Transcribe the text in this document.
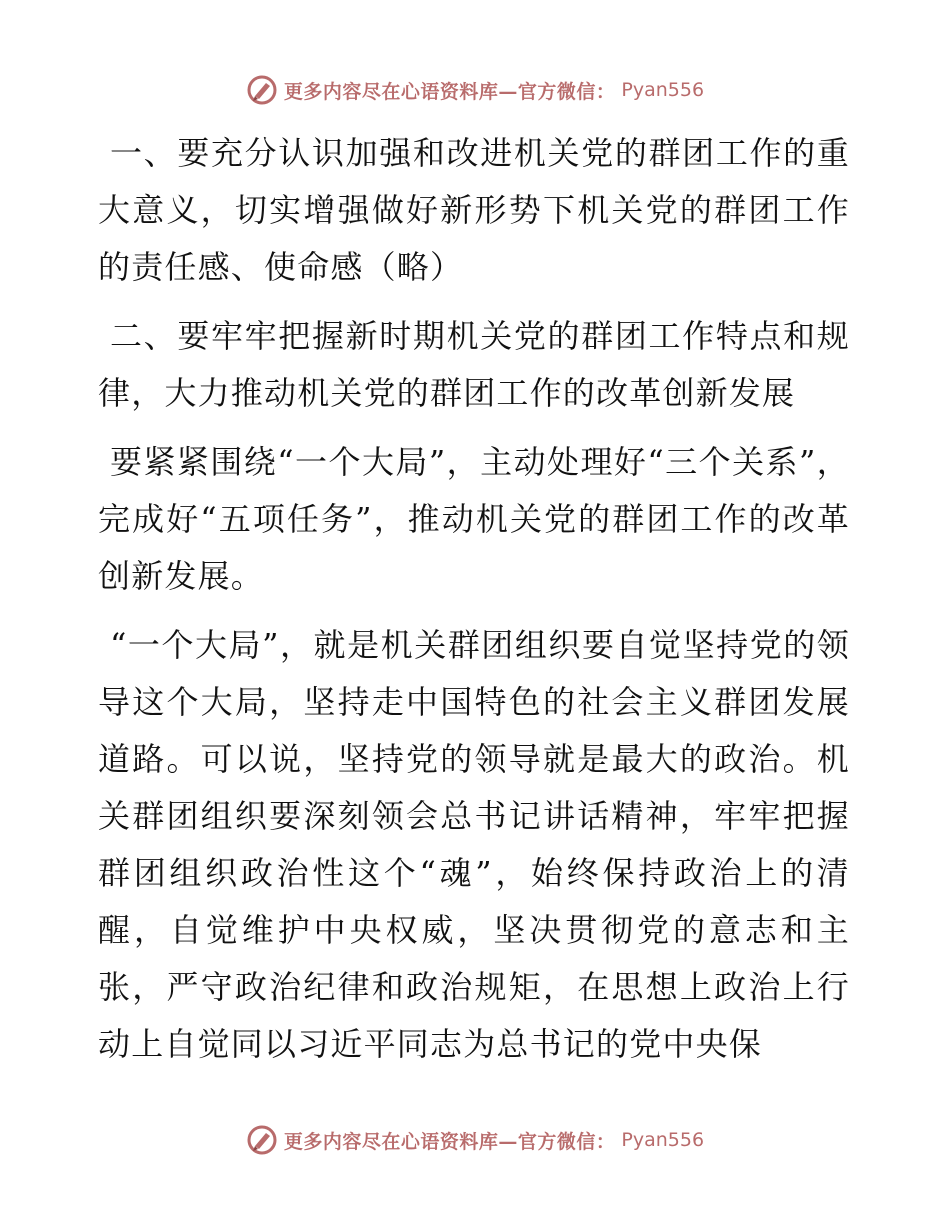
更多内容尽在心语资料库—官方微信： Pyan556

一、要充分认识加强和改进机关党的群团工作的重大意义，切实增强做好新形势下机关党的群团工作的责任感、使命感（略）

二、要牢牢把握新时期机关党的群团工作特点和规律，大力推动机关党的群团工作的改革创新发展

要紧紧围绕“一个大局”，主动处理好“三个关系”，完成好“五项任务”，推动机关党的群团工作的改革创新发展。

“一个大局”，就是机关群团组织要自觉坚持党的领导这个大局，坚持走中国特色的社会主义群团发展道路。可以说，坚持党的领导就是最大的政治。机关群团组织要深刻领会总书记讲话精神，牢牢把握群团组织政治性这个“魂”，始终保持政治上的清醒，自觉维护中央权威，坚决贯彻党的意志和主张，严守政治纪律和政治规矩，在思想上政治上行动上自觉同以习近平同志为总书记的党中央保

更多内容尽在心语资料库—官方微信： Pyan556
